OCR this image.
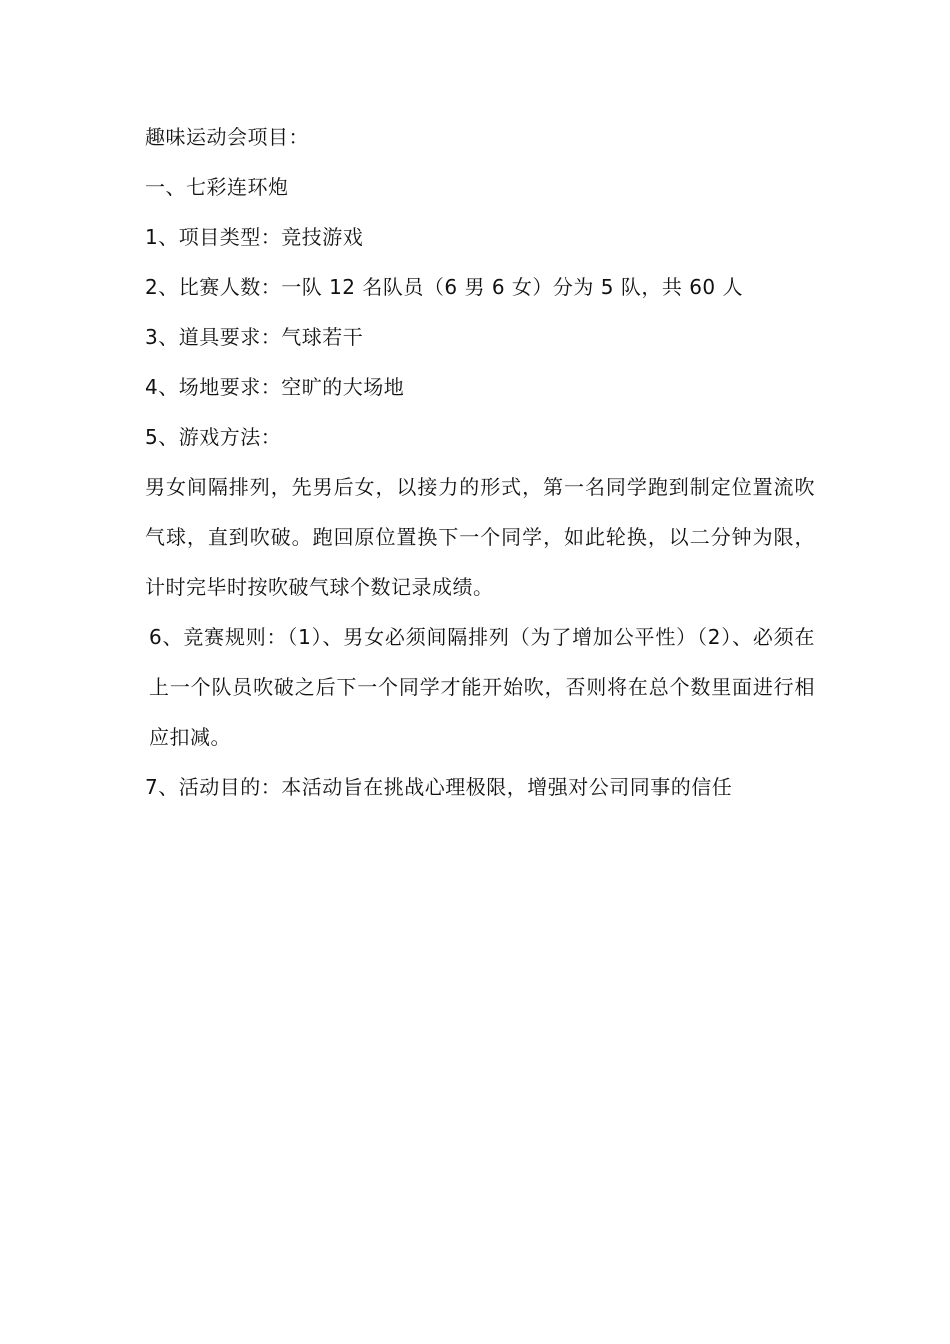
趣味运动会项目：

一、七彩连环炮

1、项目类型：竞技游戏

2、比赛人数：一队 12 名队员（6 男 6 女）分为 5 队，共 60 人

3、道具要求：气球若干

4、场地要求：空旷的大场地

5、游戏方法：

男女间隔排列，先男后女，以接力的形式，第一名同学跑到制定位置流吹气球，直到吹破。跑回原位置换下一个同学，如此轮换，以二分钟为限，计时完毕时按吹破气球个数记录成绩。

6、竞赛规则：（1）、男女必须间隔排列（为了增加公平性）（2）、必须在上一个队员吹破之后下一个同学才能开始吹，否则将在总个数里面进行相应扣减。

7、活动目的：本活动旨在挑战心理极限，增强对公司同事的信任
